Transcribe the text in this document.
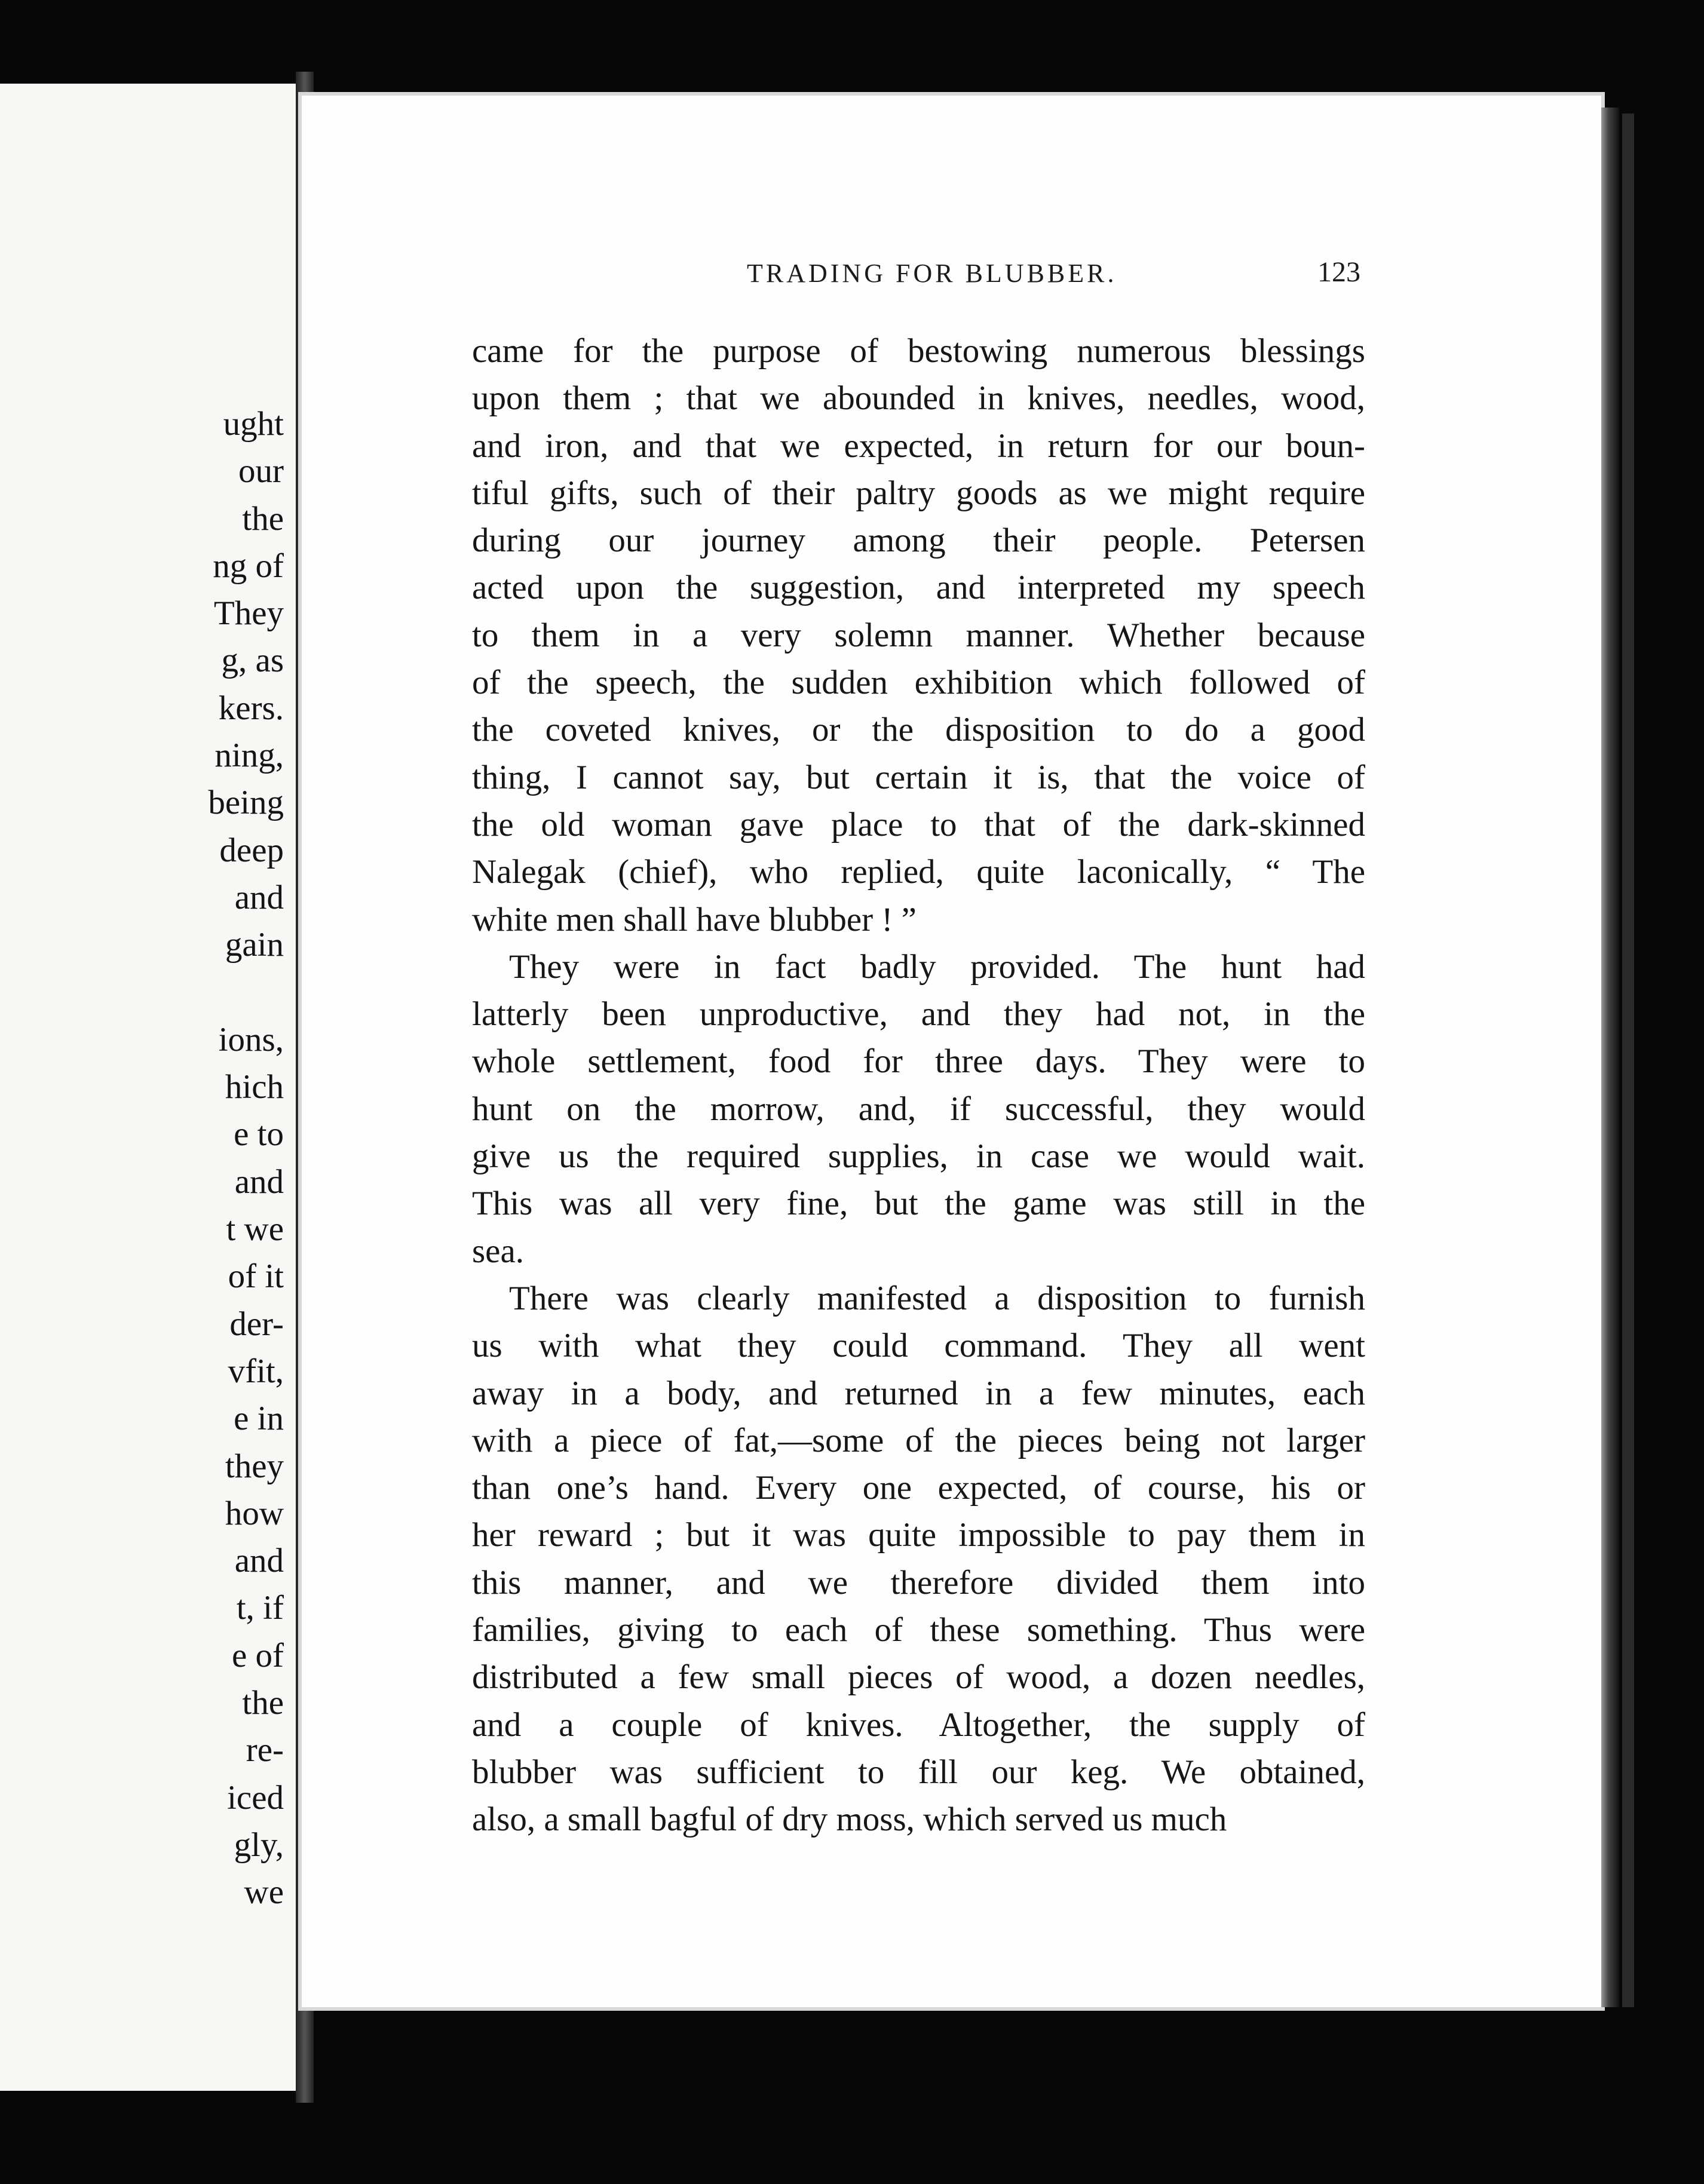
ught
our
the
ng of
They
g, as
kers.
ning,
being
deep
and
gain
ions,
hich
e to
and
t we
of it
der-
vfit,
e in
they
how
and
t, if
e of
the
re-
iced
gly,
we
TRADING FOR BLUBBER.	123

came for the purpose of bestowing numerous blessings
upon them ; that we abounded in knives, needles, wood,
and iron, and that we expected, in return for our boun-
tiful gifts, such of their paltry goods as we might require
during our journey among their people. Petersen
acted upon the suggestion, and interpreted my speech
to them in a very solemn manner. Whether because
of the speech, the sudden exhibition which followed of
the coveted knives, or the disposition to do a good
thing, I cannot say, but certain it is, that the voice of
the old woman gave place to that of the dark-skinned
Nalegak (chief), who replied, quite laconically, “ The
white men shall have blubber ! ”

They were in fact badly provided. The hunt had
latterly been unproductive, and they had not, in the
whole settlement, food for three days. They were to
hunt on the morrow, and, if successful, they would
give us the required supplies, in case we would wait.
This was all very fine, but the game was still in the
sea.

There was clearly manifested a disposition to furnish
us with what they could command. They all went
away in a body, and returned in a few minutes, each
with a piece of fat,—some of the pieces being not larger
than one’s hand. Every one expected, of course, his or
her reward ; but it was quite impossible to pay them in
this manner, and we therefore divided them into
families, giving to each of these something. Thus were
distributed a few small pieces of wood, a dozen needles,
and a couple of knives. Altogether, the supply of
blubber was sufficient to fill our keg. We obtained,
also, a small bagful of dry moss, which served us much
